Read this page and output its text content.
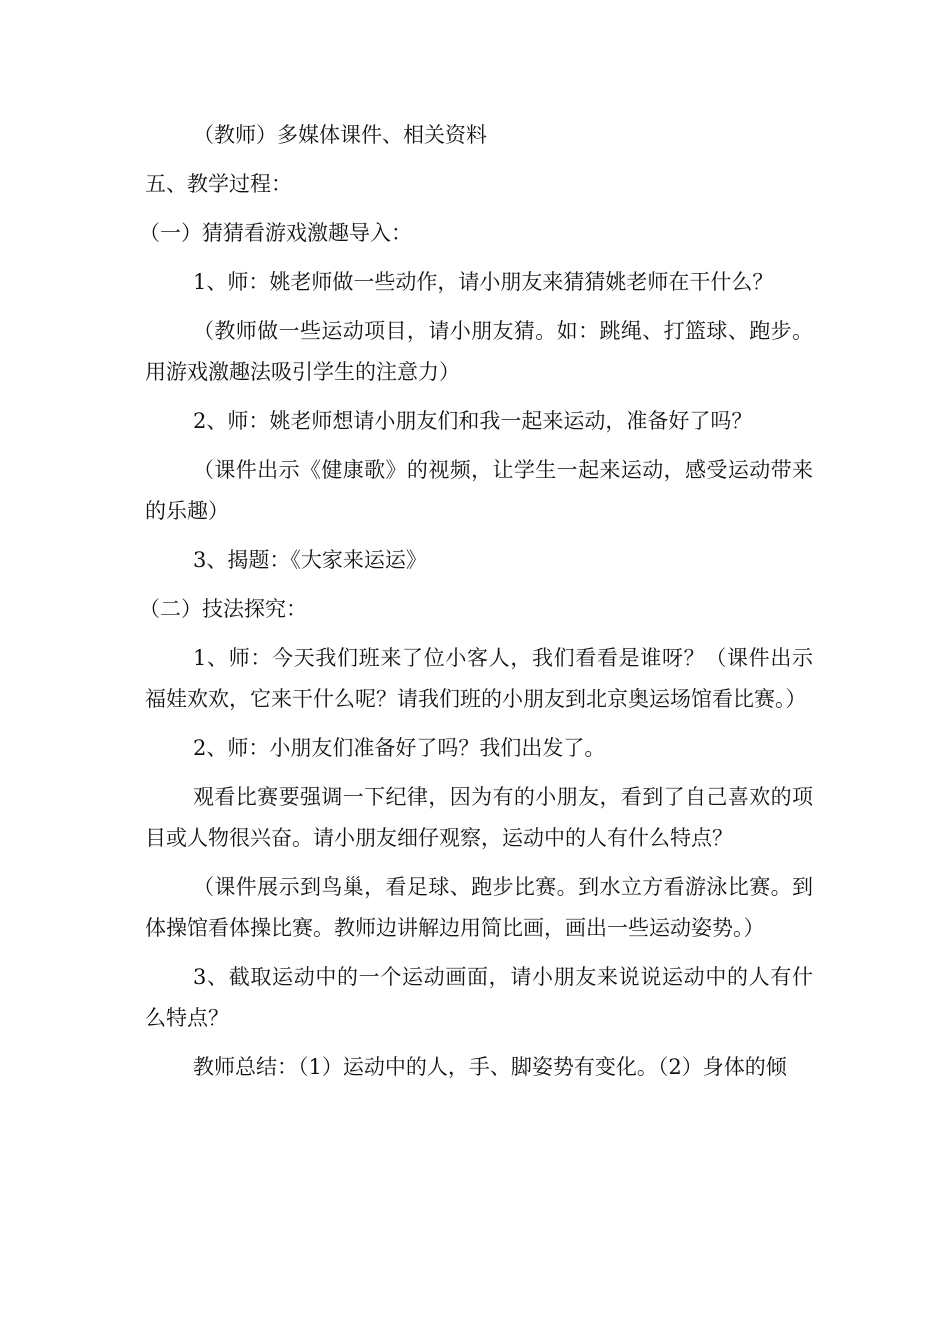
（教师）多媒体课件、相关资料

五、教学过程：

（一）猜猜看游戏激趣导入：

1、师：姚老师做一些动作，请小朋友来猜猜姚老师在干什么？

（教师做一些运动项目，请小朋友猜。如：跳绳、打篮球、跑步。用游戏激趣法吸引学生的注意力）

2、师：姚老师想请小朋友们和我一起来运动，准备好了吗？

（课件出示《健康歌》的视频，让学生一起来运动，感受运动带来的乐趣）

3、揭题：《大家来运运》

（二）技法探究：

1、师：今天我们班来了位小客人，我们看看是谁呀？（课件出示福娃欢欢，它来干什么呢？请我们班的小朋友到北京奥运场馆看比赛。）

2、师：小朋友们准备好了吗？我们出发了。

观看比赛要强调一下纪律，因为有的小朋友，看到了自己喜欢的项目或人物很兴奋。请小朋友细仔观察，运动中的人有什么特点？

（课件展示到鸟巢，看足球、跑步比赛。到水立方看游泳比赛。到体操馆看体操比赛。教师边讲解边用简比画，画出一些运动姿势。）

3、截取运动中的一个运动画面，请小朋友来说说运动中的人有什么特点？

教师总结：（1）运动中的人，手、脚姿势有变化。（2）身体的倾
